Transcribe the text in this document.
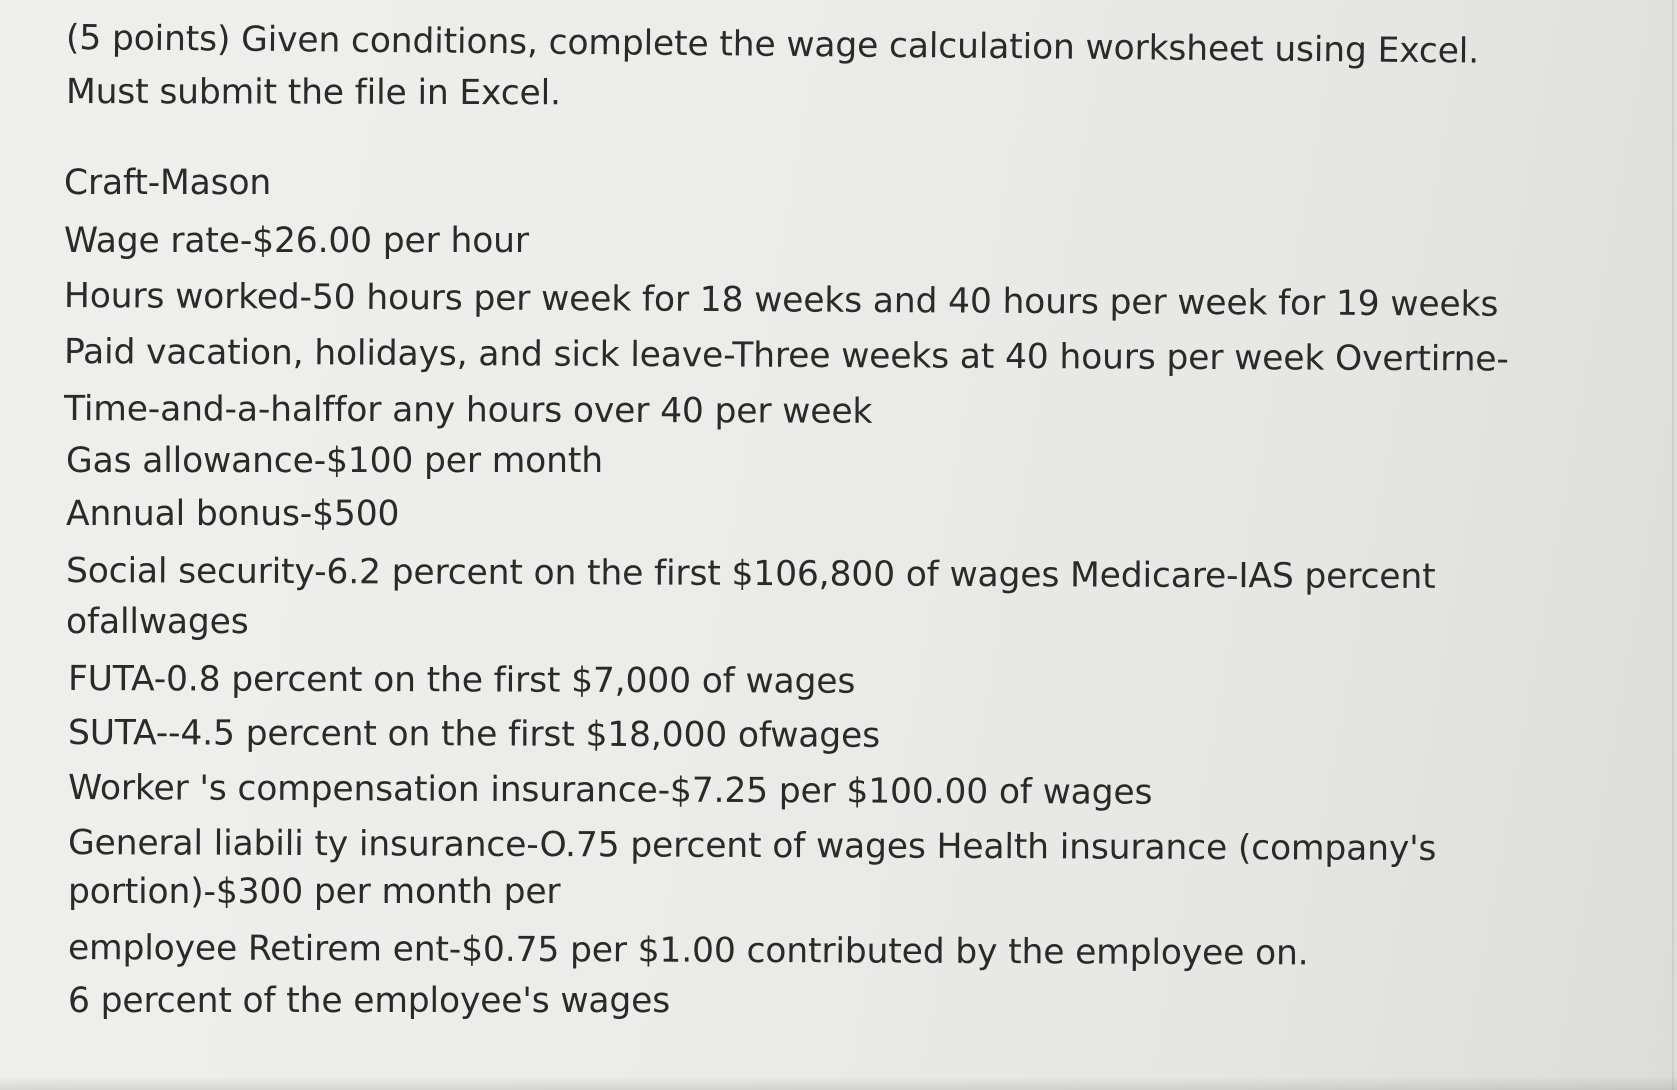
(5 points) Given conditions, complete the wage calculation worksheet using Excel.
Must submit the file in Excel.
Craft-Mason
Wage rate-$26.00 per hour
Hours worked-50 hours per week for 18 weeks and 40 hours per week for 19 weeks
Paid vacation, holidays, and sick leave-Three weeks at 40 hours per week Overtirne-
Time-and-a-halffor any hours over 40 per week
Gas allowance-$100 per month
Annual bonus-$500
Social security-6.2 percent on the first $106,800 of wages Medicare-IAS percent
ofallwages
FUTA-0.8 percent on the first $7,000 of wages
SUTA--4.5 percent on the first $18,000 ofwages
Worker 's compensation insurance-$7.25 per $100.00 of wages
General liabili ty insurance-O.75 percent of wages Health insurance (company's
portion)-$300 per month per
employee Retirem ent-$0.75 per $1.00 contributed by the employee on.
6 percent of the employee's wages
